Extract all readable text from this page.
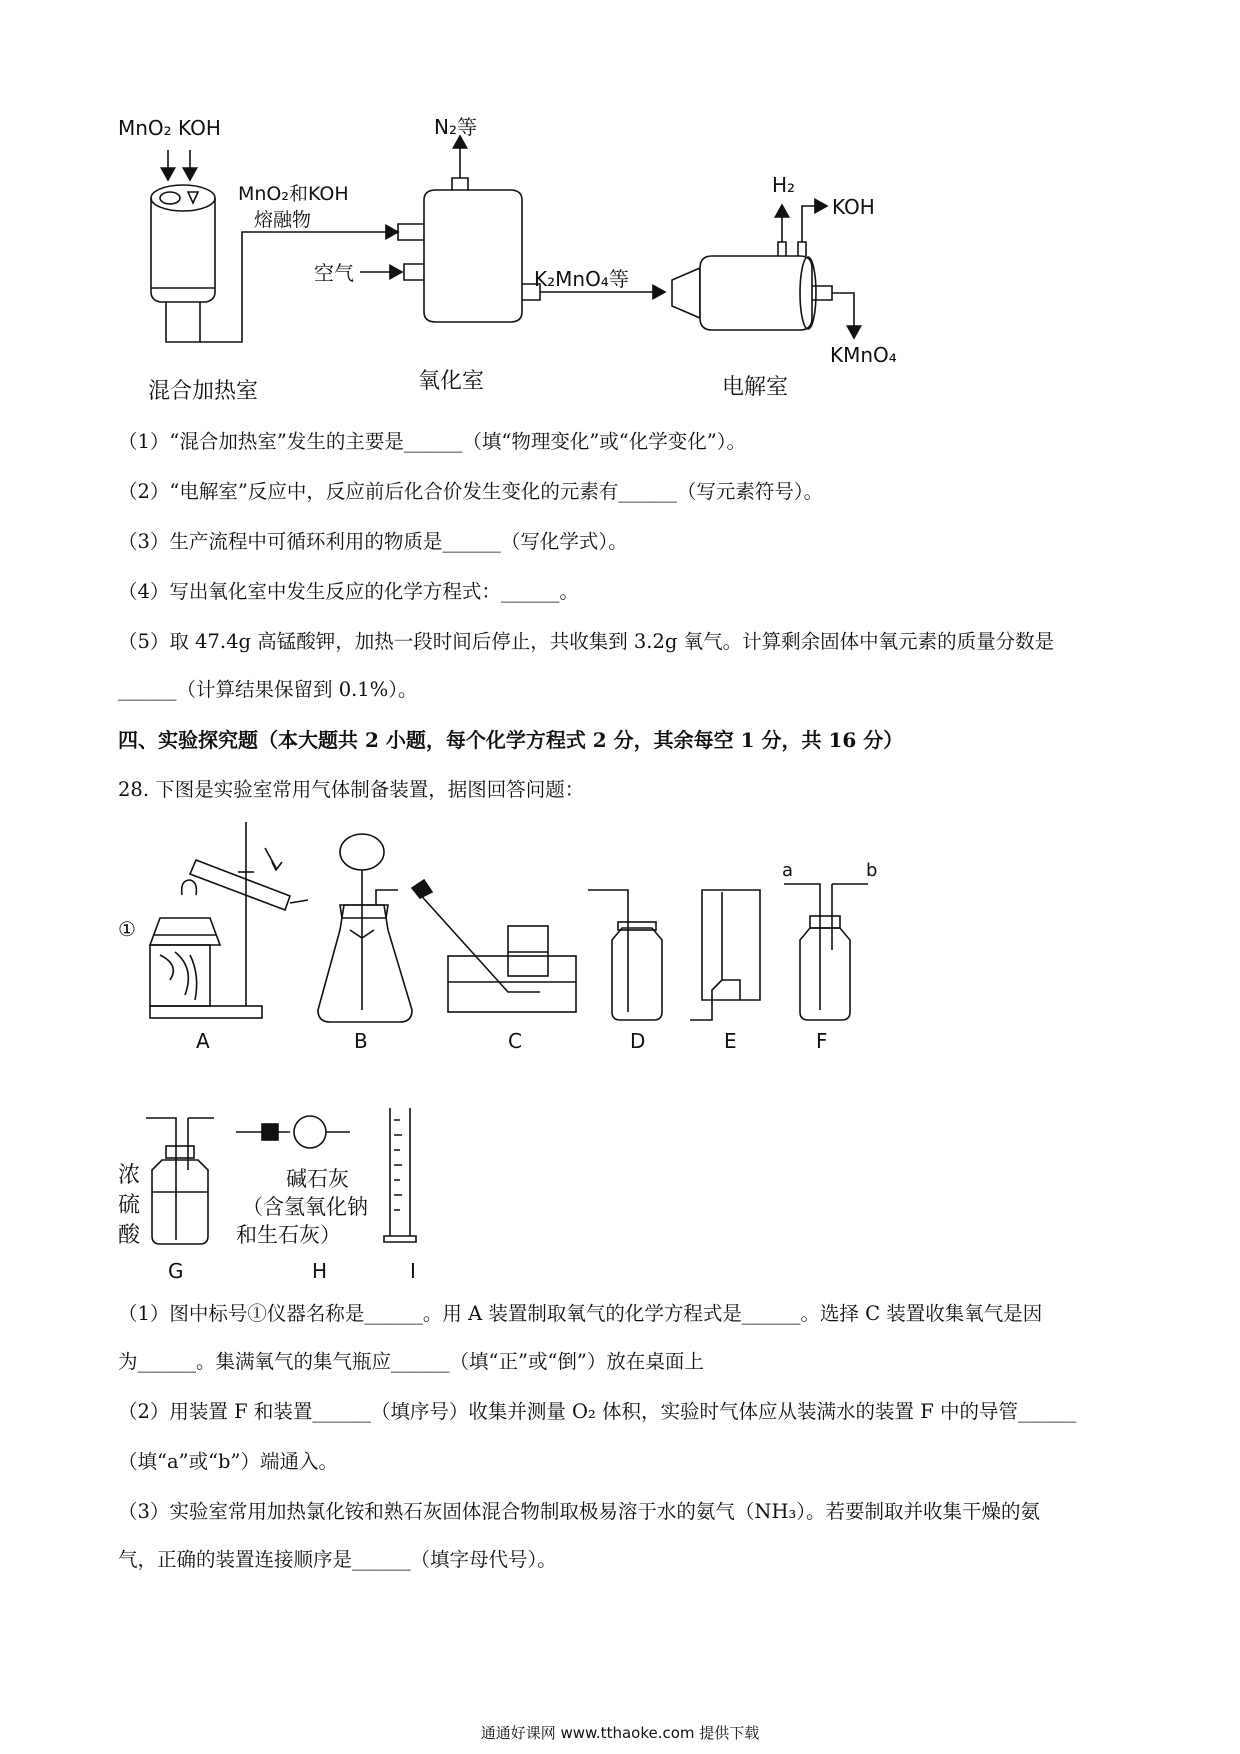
MnO₂ KOH
MnO₂和KOH
熔融物
N₂等
H₂
KOH
空气	K₂MnO₄等
KMnO₄
混合加热室	氧化室	电解室
（1）“混合加热室”发生的主要是______（填“物理变化”或“化学变化”）。
（2）“电解室”反应中，反应前后化合价发生变化的元素有______（写元素符号）。
（3）生产流程中可循环利用的物质是______（写化学式）。
（4）写出氧化室中发生反应的化学方程式：______。
（5）取 47.4g 高锰酸钾，加热一段时间后停止，共收集到 3.2g 氧气。计算剩余固体中氧元素的质量分数是
______（计算结果保留到 0.1%）。
四、实验探究题（本大题共 2 小题，每个化学方程式 2 分，其余每空 1 分，共 16 分）
28. 下图是实验室常用气体制备装置，据图回答问题：
①
A	B	C	D	E	F
a	b
浓
硫
酸
碱石灰
（含氢氧化钠
和生石灰）
G	H	I
（1）图中标号①仪器名称是______。用 A 装置制取氧气的化学方程式是______。选择 C 装置收集氧气是因
为______。集满氧气的集气瓶应______（填“正”或“倒”）放在桌面上
（2）用装置 F 和装置______（填序号）收集并测量 O₂ 体积，实验时气体应从装满水的装置 F 中的导管______
（填“a”或“b”）端通入。
（3）实验室常用加热氯化铵和熟石灰固体混合物制取极易溶于水的氨气（NH₃）。若要制取并收集干燥的氨
气，正确的装置连接顺序是______（填字母代号）。
通通好课网 www.tthaoke.com 提供下载
